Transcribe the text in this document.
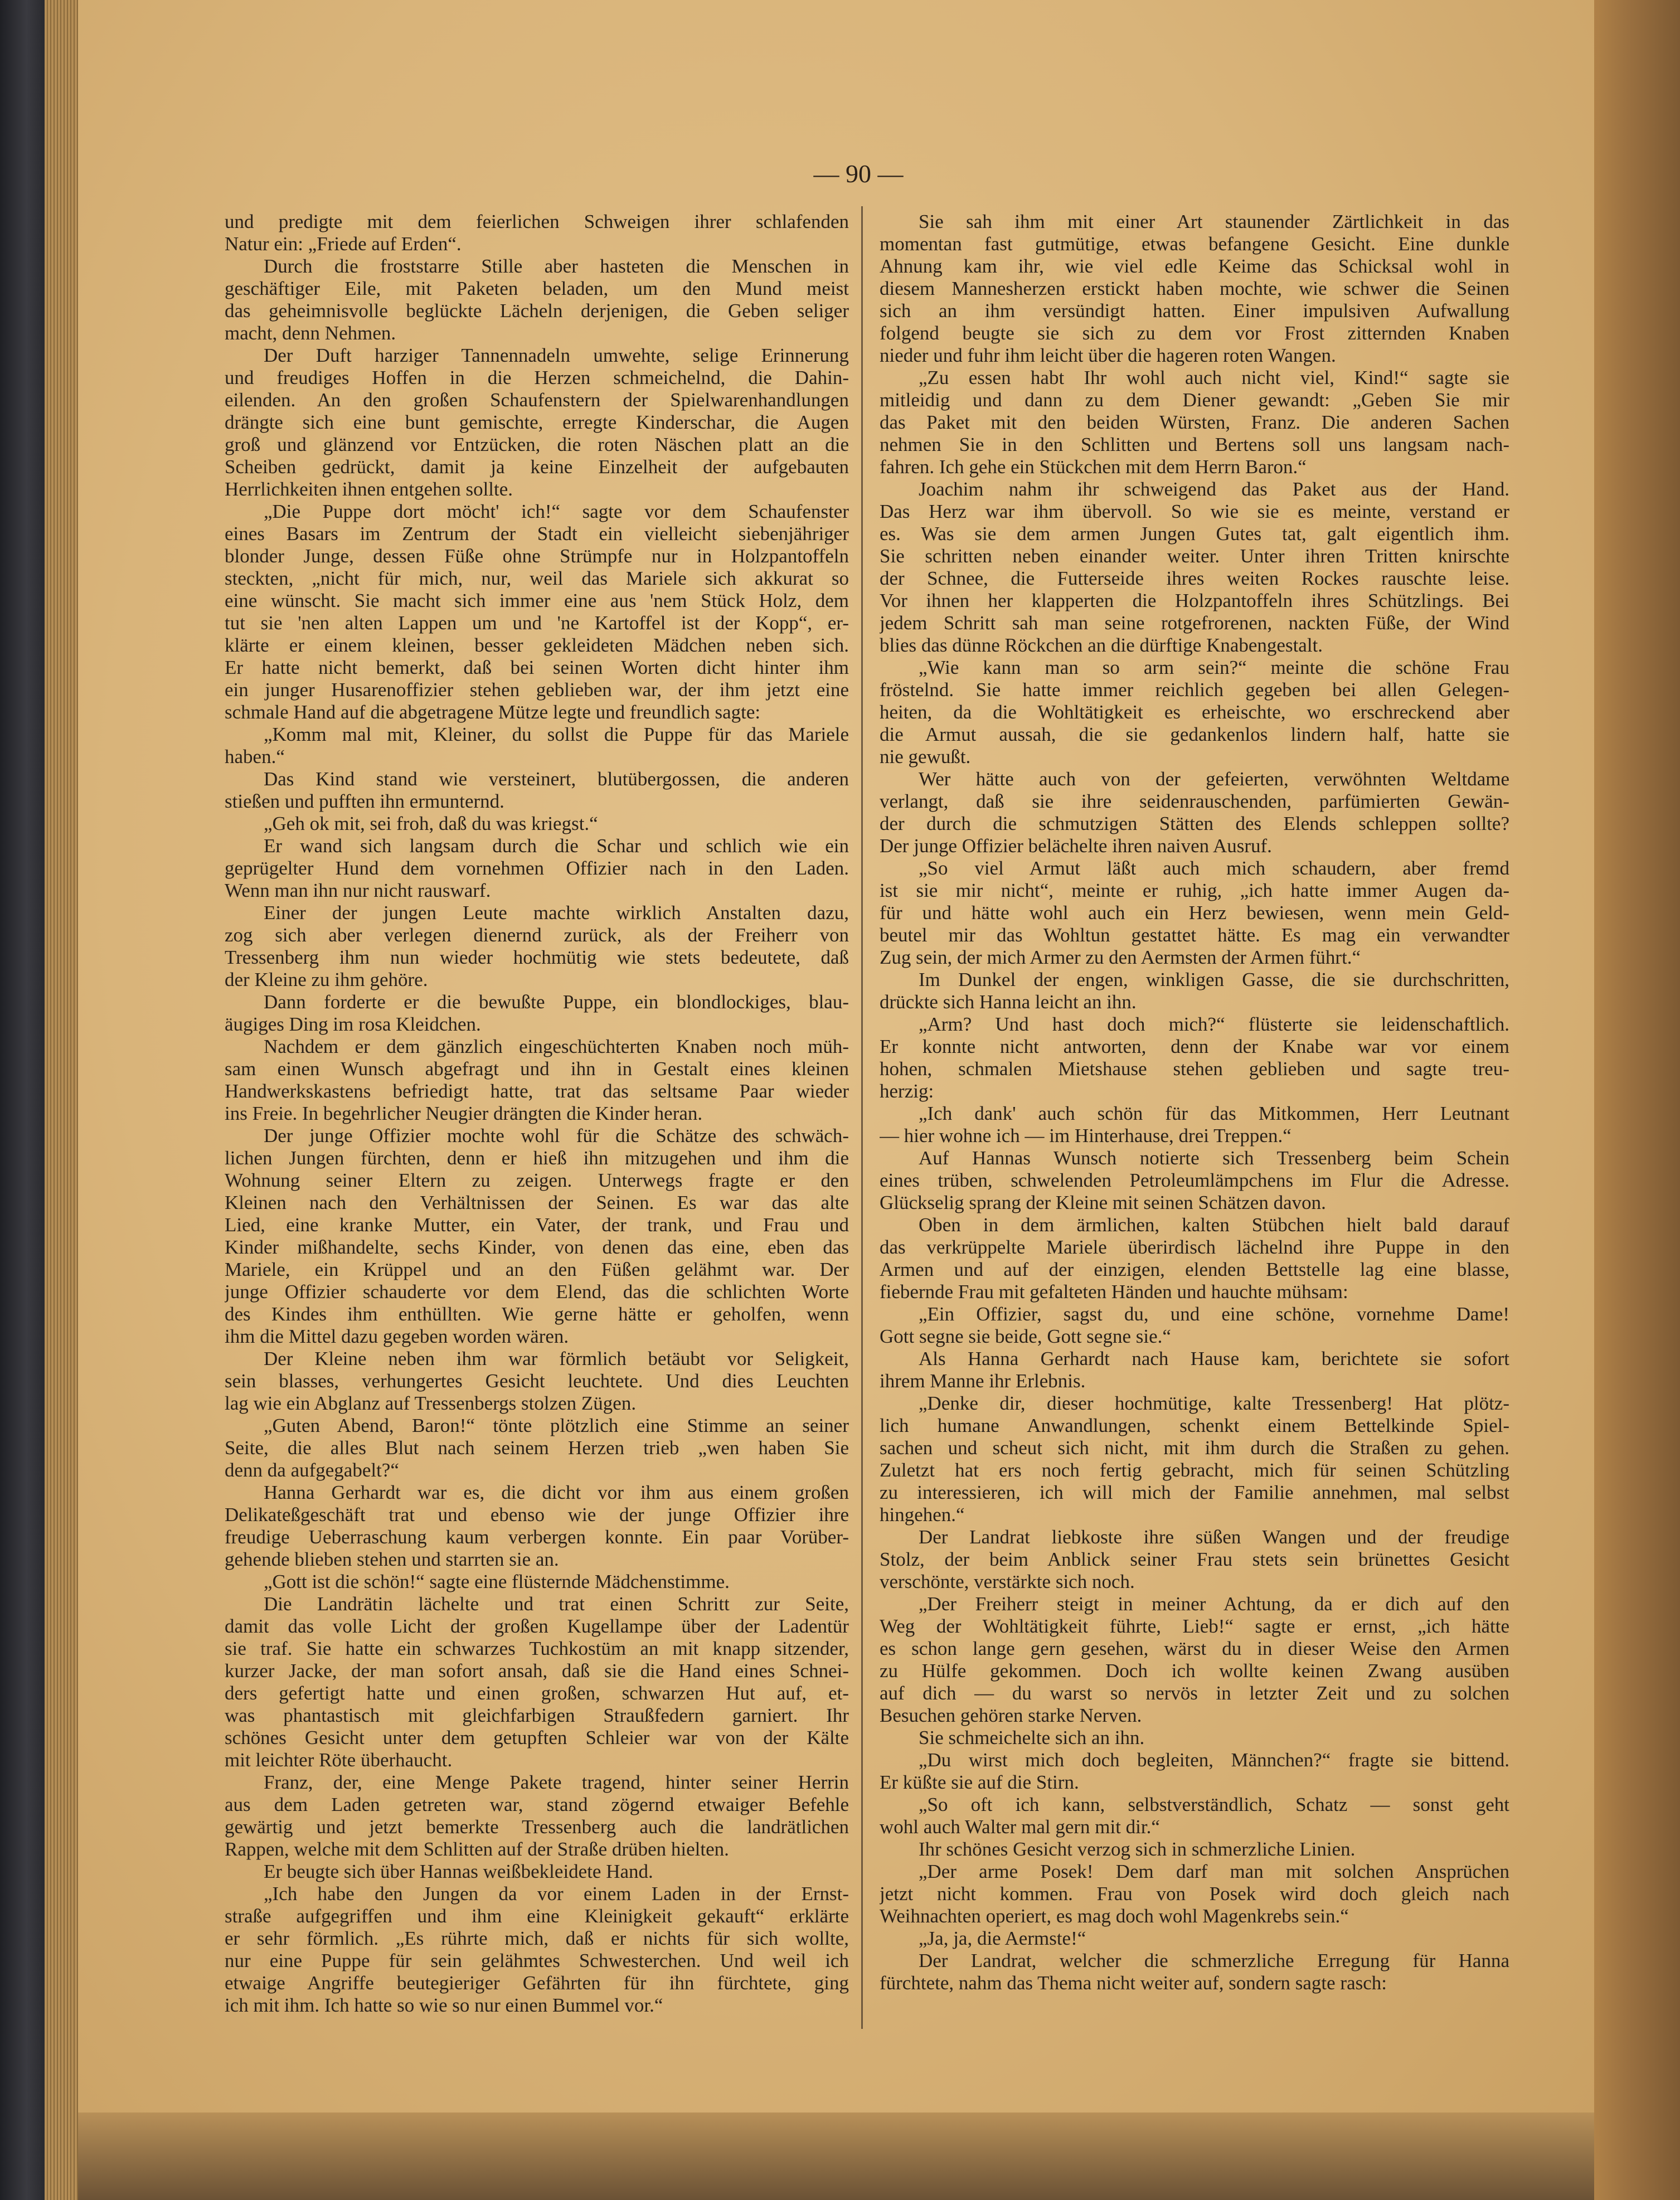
— 90 —
und predigte mit dem feierlichen Schweigen ihrer schlafenden
Natur ein: „Friede auf Erden“.
Durch die froststarre Stille aber hasteten die Menschen in
geschäftiger Eile, mit Paketen beladen, um den Mund meist
das geheimnisvolle beglückte Lächeln derjenigen, die Geben seliger
macht, denn Nehmen.
Der Duft harziger Tannennadeln umwehte, selige Erinnerung
und freudiges Hoffen in die Herzen schmeichelnd, die Dahin-
eilenden. An den großen Schaufenstern der Spielwarenhandlungen
drängte sich eine bunt gemischte, erregte Kinderschar, die Augen
groß und glänzend vor Entzücken, die roten Näschen platt an die
Scheiben gedrückt, damit ja keine Einzelheit der aufgebauten
Herrlichkeiten ihnen entgehen sollte.
„Die Puppe dort möcht' ich!“ sagte vor dem Schaufenster
eines Basars im Zentrum der Stadt ein vielleicht siebenjähriger
blonder Junge, dessen Füße ohne Strümpfe nur in Holzpantoffeln
steckten, „nicht für mich, nur, weil das Mariele sich akkurat so
eine wünscht. Sie macht sich immer eine aus 'nem Stück Holz, dem
tut sie 'nen alten Lappen um und 'ne Kartoffel ist der Kopp“, er-
klärte er einem kleinen, besser gekleideten Mädchen neben sich.
Er hatte nicht bemerkt, daß bei seinen Worten dicht hinter ihm
ein junger Husarenoffizier stehen geblieben war, der ihm jetzt eine
schmale Hand auf die abgetragene Mütze legte und freundlich sagte:
„Komm mal mit, Kleiner, du sollst die Puppe für das Mariele
haben.“
Das Kind stand wie versteinert, blutübergossen, die anderen
stießen und pufften ihn ermunternd.
„Geh ok mit, sei froh, daß du was kriegst.“
Er wand sich langsam durch die Schar und schlich wie ein
geprügelter Hund dem vornehmen Offizier nach in den Laden.
Wenn man ihn nur nicht rauswarf.
Einer der jungen Leute machte wirklich Anstalten dazu,
zog sich aber verlegen dienernd zurück, als der Freiherr von
Tressenberg ihm nun wieder hochmütig wie stets bedeutete, daß
der Kleine zu ihm gehöre.
Dann forderte er die bewußte Puppe, ein blondlockiges, blau-
äugiges Ding im rosa Kleidchen.
Nachdem er dem gänzlich eingeschüchterten Knaben noch müh-
sam einen Wunsch abgefragt und ihn in Gestalt eines kleinen
Handwerkskastens befriedigt hatte, trat das seltsame Paar wieder
ins Freie. In begehrlicher Neugier drängten die Kinder heran.
Der junge Offizier mochte wohl für die Schätze des schwäch-
lichen Jungen fürchten, denn er hieß ihn mitzugehen und ihm die
Wohnung seiner Eltern zu zeigen. Unterwegs fragte er den
Kleinen nach den Verhältnissen der Seinen. Es war das alte
Lied, eine kranke Mutter, ein Vater, der trank, und Frau und
Kinder mißhandelte, sechs Kinder, von denen das eine, eben das
Mariele, ein Krüppel und an den Füßen gelähmt war. Der
junge Offizier schauderte vor dem Elend, das die schlichten Worte
des Kindes ihm enthüllten. Wie gerne hätte er geholfen, wenn
ihm die Mittel dazu gegeben worden wären.
Der Kleine neben ihm war förmlich betäubt vor Seligkeit,
sein blasses, verhungertes Gesicht leuchtete. Und dies Leuchten
lag wie ein Abglanz auf Tressenbergs stolzen Zügen.
„Guten Abend, Baron!“ tönte plötzlich eine Stimme an seiner
Seite, die alles Blut nach seinem Herzen trieb „wen haben Sie
denn da aufgegabelt?“
Hanna Gerhardt war es, die dicht vor ihm aus einem großen
Delikateßgeschäft trat und ebenso wie der junge Offizier ihre
freudige Ueberraschung kaum verbergen konnte. Ein paar Vorüber-
gehende blieben stehen und starrten sie an.
„Gott ist die schön!“ sagte eine flüsternde Mädchenstimme.
Die Landrätin lächelte und trat einen Schritt zur Seite,
damit das volle Licht der großen Kugellampe über der Ladentür
sie traf. Sie hatte ein schwarzes Tuchkostüm an mit knapp sitzender,
kurzer Jacke, der man sofort ansah, daß sie die Hand eines Schnei-
ders gefertigt hatte und einen großen, schwarzen Hut auf, et-
was phantastisch mit gleichfarbigen Straußfedern garniert. Ihr
schönes Gesicht unter dem getupften Schleier war von der Kälte
mit leichter Röte überhaucht.
Franz, der, eine Menge Pakete tragend, hinter seiner Herrin
aus dem Laden getreten war, stand zögernd etwaiger Befehle
gewärtig und jetzt bemerkte Tressenberg auch die landrätlichen
Rappen, welche mit dem Schlitten auf der Straße drüben hielten.
Er beugte sich über Hannas weißbekleidete Hand.
„Ich habe den Jungen da vor einem Laden in der Ernst-
straße aufgegriffen und ihm eine Kleinigkeit gekauft“ erklärte
er sehr förmlich. „Es rührte mich, daß er nichts für sich wollte,
nur eine Puppe für sein gelähmtes Schwesterchen. Und weil ich
etwaige Angriffe beutegieriger Gefährten für ihn fürchtete, ging
ich mit ihm. Ich hatte so wie so nur einen Bummel vor.“
Sie sah ihm mit einer Art staunender Zärtlichkeit in das
momentan fast gutmütige, etwas befangene Gesicht. Eine dunkle
Ahnung kam ihr, wie viel edle Keime das Schicksal wohl in
diesem Mannesherzen erstickt haben mochte, wie schwer die Seinen
sich an ihm versündigt hatten. Einer impulsiven Aufwallung
folgend beugte sie sich zu dem vor Frost zitternden Knaben
nieder und fuhr ihm leicht über die hageren roten Wangen.
„Zu essen habt Ihr wohl auch nicht viel, Kind!“ sagte sie
mitleidig und dann zu dem Diener gewandt: „Geben Sie mir
das Paket mit den beiden Würsten, Franz. Die anderen Sachen
nehmen Sie in den Schlitten und Bertens soll uns langsam nach-
fahren. Ich gehe ein Stückchen mit dem Herrn Baron.“
Joachim nahm ihr schweigend das Paket aus der Hand.
Das Herz war ihm übervoll. So wie sie es meinte, verstand er
es. Was sie dem armen Jungen Gutes tat, galt eigentlich ihm.
Sie schritten neben einander weiter. Unter ihren Tritten knirschte
der Schnee, die Futterseide ihres weiten Rockes rauschte leise.
Vor ihnen her klapperten die Holzpantoffeln ihres Schützlings. Bei
jedem Schritt sah man seine rotgefrorenen, nackten Füße, der Wind
blies das dünne Röckchen an die dürftige Knabengestalt.
„Wie kann man so arm sein?“ meinte die schöne Frau
fröstelnd. Sie hatte immer reichlich gegeben bei allen Gelegen-
heiten, da die Wohltätigkeit es erheischte, wo erschreckend aber
die Armut aussah, die sie gedankenlos lindern half, hatte sie
nie gewußt.
Wer hätte auch von der gefeierten, verwöhnten Weltdame
verlangt, daß sie ihre seidenrauschenden, parfümierten Gewän-
der durch die schmutzigen Stätten des Elends schleppen sollte?
Der junge Offizier belächelte ihren naiven Ausruf.
„So viel Armut läßt auch mich schaudern, aber fremd
ist sie mir nicht“, meinte er ruhig, „ich hatte immer Augen da-
für und hätte wohl auch ein Herz bewiesen, wenn mein Geld-
beutel mir das Wohltun gestattet hätte. Es mag ein verwandter
Zug sein, der mich Armer zu den Aermsten der Armen führt.“
Im Dunkel der engen, winkligen Gasse, die sie durchschritten,
drückte sich Hanna leicht an ihn.
„Arm? Und hast doch mich?“ flüsterte sie leidenschaftlich.
Er konnte nicht antworten, denn der Knabe war vor einem
hohen, schmalen Mietshause stehen geblieben und sagte treu-
herzig:
„Ich dank' auch schön für das Mitkommen, Herr Leutnant
— hier wohne ich — im Hinterhause, drei Treppen.“
Auf Hannas Wunsch notierte sich Tressenberg beim Schein
eines trüben, schwelenden Petroleumlämpchens im Flur die Adresse.
Glückselig sprang der Kleine mit seinen Schätzen davon.
Oben in dem ärmlichen, kalten Stübchen hielt bald darauf
das verkrüppelte Mariele überirdisch lächelnd ihre Puppe in den
Armen und auf der einzigen, elenden Bettstelle lag eine blasse,
fiebernde Frau mit gefalteten Händen und hauchte mühsam:
„Ein Offizier, sagst du, und eine schöne, vornehme Dame!
Gott segne sie beide, Gott segne sie.“
Als Hanna Gerhardt nach Hause kam, berichtete sie sofort
ihrem Manne ihr Erlebnis.
„Denke dir, dieser hochmütige, kalte Tressenberg! Hat plötz-
lich humane Anwandlungen, schenkt einem Bettelkinde Spiel-
sachen und scheut sich nicht, mit ihm durch die Straßen zu gehen.
Zuletzt hat ers noch fertig gebracht, mich für seinen Schützling
zu interessieren, ich will mich der Familie annehmen, mal selbst
hingehen.“
Der Landrat liebkoste ihre süßen Wangen und der freudige
Stolz, der beim Anblick seiner Frau stets sein brünettes Gesicht
verschönte, verstärkte sich noch.
„Der Freiherr steigt in meiner Achtung, da er dich auf den
Weg der Wohltätigkeit führte, Lieb!“ sagte er ernst, „ich hätte
es schon lange gern gesehen, wärst du in dieser Weise den Armen
zu Hülfe gekommen. Doch ich wollte keinen Zwang ausüben
auf dich — du warst so nervös in letzter Zeit und zu solchen
Besuchen gehören starke Nerven.
Sie schmeichelte sich an ihn.
„Du wirst mich doch begleiten, Männchen?“ fragte sie bittend.
Er küßte sie auf die Stirn.
„So oft ich kann, selbstverständlich, Schatz — sonst geht
wohl auch Walter mal gern mit dir.“
Ihr schönes Gesicht verzog sich in schmerzliche Linien.
„Der arme Posek! Dem darf man mit solchen Ansprüchen
jetzt nicht kommen. Frau von Posek wird doch gleich nach
Weihnachten operiert, es mag doch wohl Magenkrebs sein.“
„Ja, ja, die Aermste!“
Der Landrat, welcher die schmerzliche Erregung für Hanna
fürchtete, nahm das Thema nicht weiter auf, sondern sagte rasch:
